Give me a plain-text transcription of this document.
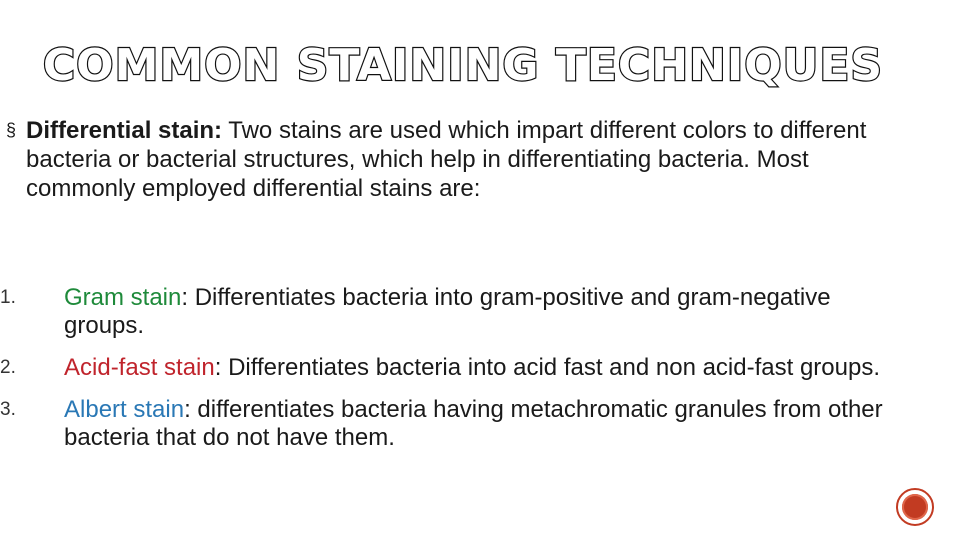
COMMON STAINING TECHNIQUES
§ Differential stain: Two stains are used which impart different colors to different bacteria or bacterial structures, which help in differentiating bacteria. Most commonly employed differential stains are:
1.	Gram stain: Differentiates bacteria into gram-positive and gram-negative groups.
2.	Acid-fast stain: Differentiates bacteria into acid fast and non acid-fast groups.
3.	Albert stain: differentiates bacteria having metachromatic granules from other bacteria that do not have them.
